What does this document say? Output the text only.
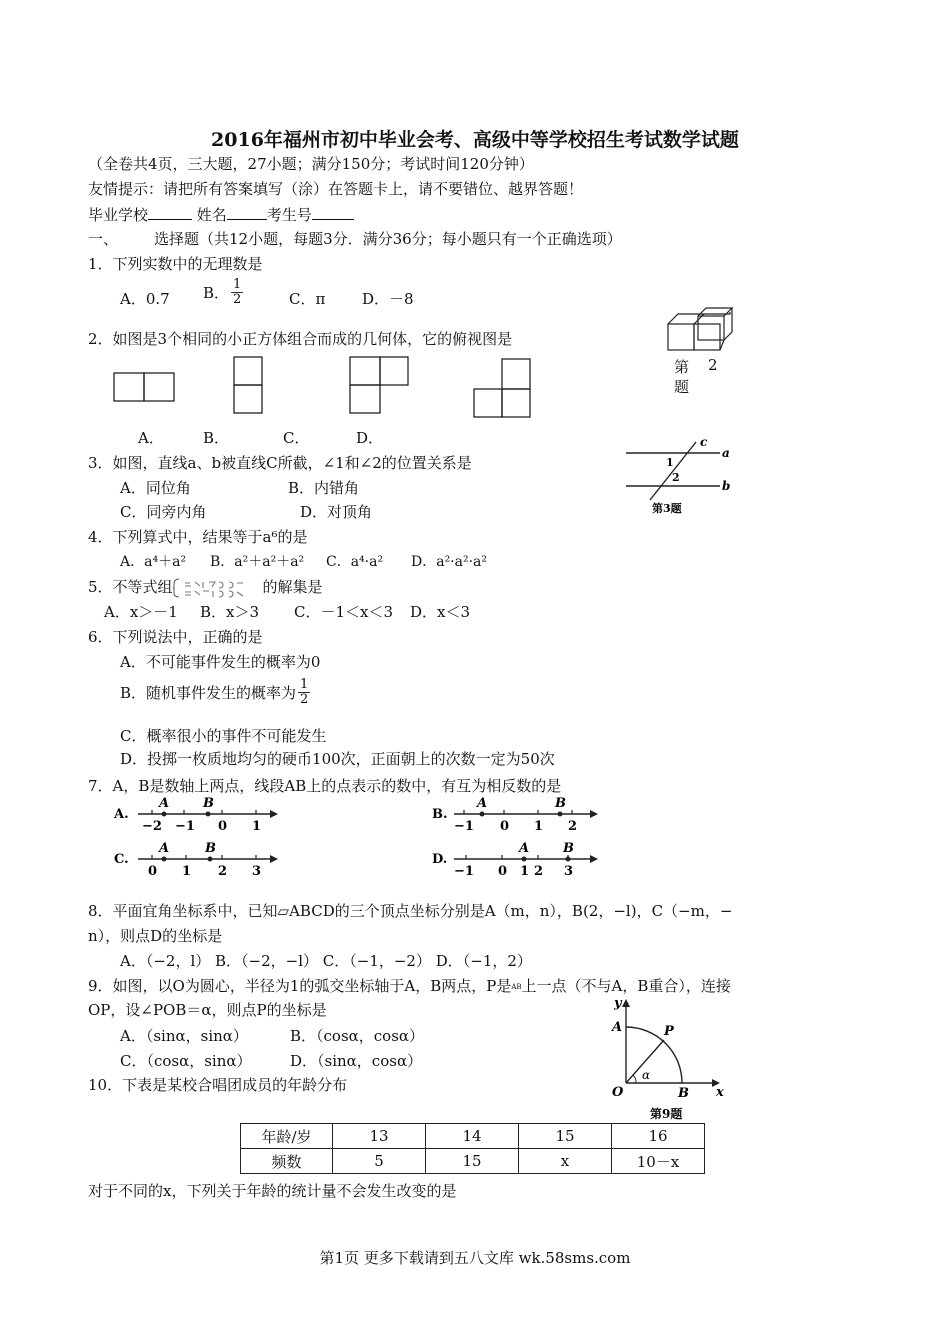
2016年福州市初中毕业会考、高级中等学校招生考试数学试题
（全卷共4页，三大题，27小题；满分150分；考试时间120分钟）
友情提示：请把所有答案填写（涂）在答题卡上，请不要错位、越界答题！
毕业学校	姓名	考生号
一、 选择题（共12小题，每题3分．满分36分；每小题只有一个正确选项）
1．下列实数中的无理数是
A．0.7 B． $\frac{1}{2}$	C．π D．－8
2．如图是3个相同的小正方体组合而成的几何体，它的俯视图是
第 2
题
A．	B．	C．	D．
3．如图，直线a、b被直线C所截，∠1和∠2的位置关系是
A．同位角	B．内错角
C．同旁内角	D．对顶角
c
a
b
1
2
第3题
4．下列算式中，结果等于a⁶的是
A．a⁴＋a² B．a²＋a²＋a² C．a⁴·a² D．a²·a²·a²
5．不等式组	的解集是
A．x＞－1 B．x＞3 C．－1＜x＜3 D．x＜3
6．下列说法中，正确的是
A．不可能事件发生的概率为0
B．随机事件发生的概率为 $\frac{1}{2}$
C．概率很小的事件不可能发生
D．投掷一枚质地均匀的硬币100次，正面朝上的次数一定为50次
7．A，B是数轴上两点，线段AB上的点表示的数中，有互为相反数的是
A.
A	B
−2 −1 0 1
B.
A	B
−1 0 1 2
C.
A	B
0 1 2 3
D.
A	B
−1 0 1 2 3
8．平面宜角坐标系中，已知▱ABCD的三个顶点坐标分别是A（m，n），B(2，−l)，C（−m，−
n），则点D的坐标是
A．（−2，l） B．（−2，−l） C．（−1，−2） D．（−1，2）
9．如图，以O为圆心，半径为1的弧交坐标轴于A，B两点，P是AB上一点（不与A，B重合），连接
OP，设∠POB＝α，则点P的坐标是
A．（sinα，sinα）	B．（cosα，cosα）
C．（cosα，sinα）	D．（sinα，cosα）
y
x
A	P
O	B
α
第9题
10．下表是某校合唱团成员的年龄分布
年龄/岁	13	14	15	16
频数	5	15	x	10－x
对于不同的x，下列关于年龄的统计量不会发生改变的是
第1页 更多下载请到五八文库 wk.58sms.com
